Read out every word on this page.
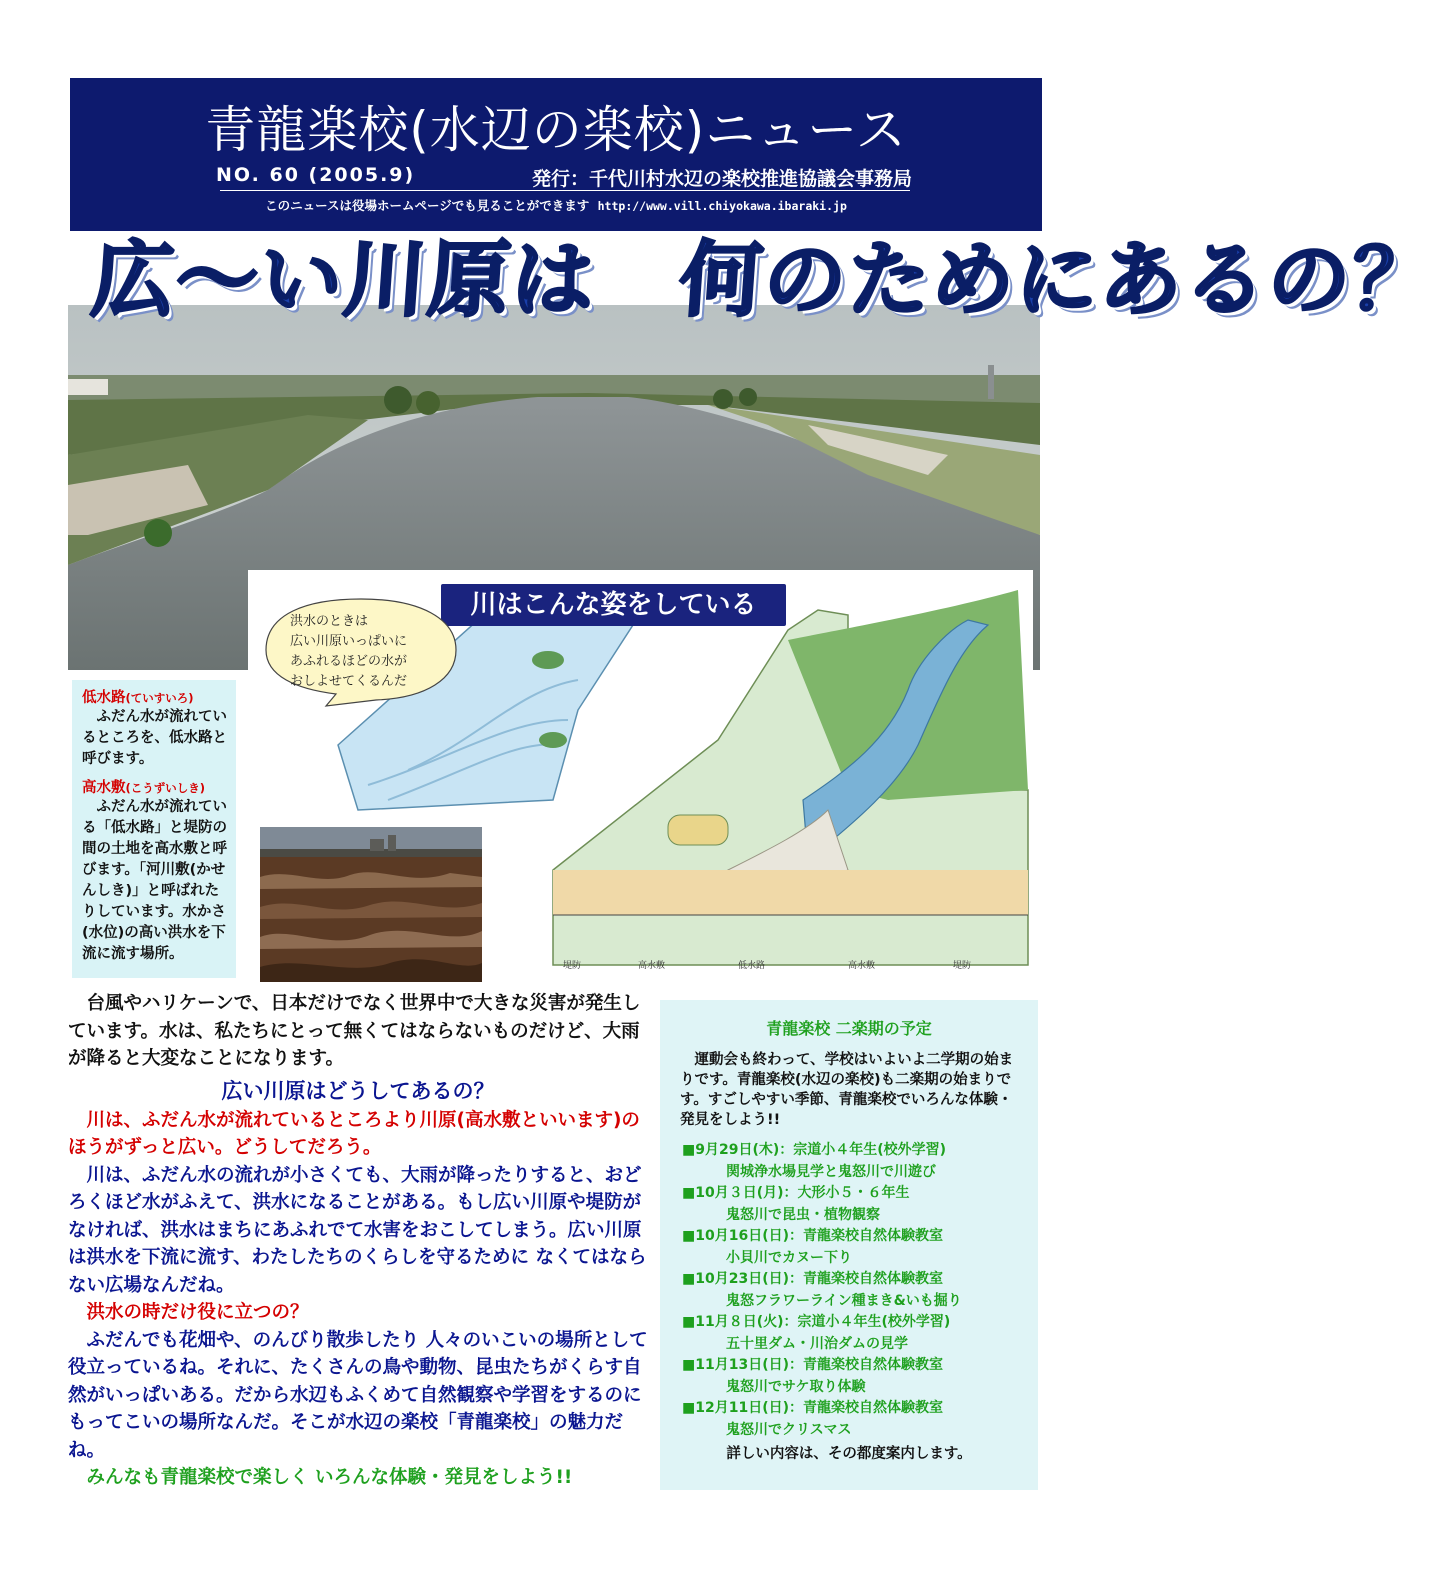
青龍楽校(水辺の楽校)ニュース
NO. 60 (2005.9)	発行：千代川村水辺の楽校推進協議会事務局
このニュースは役場ホームページでも見ることができます http://www.vill.chiyokawa.ibaraki.jp
広〜い川原は　何のためにあるの？
川はこんな姿をしている
洪水のときは
広い川原いっぱいに
あふれるほどの水が
おしよせてくるんだ
堤防	高水敷	低水路	高水敷	堤防
低水路(ていすいろ)
　ふだん水が流れているところを、低水路と呼びます。
高水敷(こうずいしき)
　ふだん水が流れている「低水路」と堤防の間の土地を高水敷と呼びます。「河川敷(かせんしき)」と呼ばれたりしています。水かさ(水位)の高い洪水を下流に流す場所。
　台風やハリケーンで、日本だけでなく世界中で大きな災害が発生しています。水は、私たちにとって無くてはならないものだけど、大雨が降ると大変なことになります。
広い川原はどうしてあるの？
　川は、ふだん水が流れているところより川原(高水敷といいます)のほうがずっと広い。どうしてだろう。
　川は、ふだん水の流れが小さくても、大雨が降ったりすると、おどろくほど水がふえて、洪水になることがある。もし広い川原や堤防がなければ、洪水はまちにあふれでて水害をおこしてしまう。広い川原は洪水を下流に流す、わたしたちのくらしを守るために なくてはならない広場なんだね。
　洪水の時だけ役に立つの？
　ふだんでも花畑や、のんびり散歩したり 人々のいこいの場所として役立っているね。それに、たくさんの鳥や動物、昆虫たちがくらす自然がいっぱいある。だから水辺もふくめて自然観察や学習をするのに もってこいの場所なんだ。そこが水辺の楽校「青龍楽校」の魅力だね。
　みんなも青龍楽校で楽しく いろんな体験・発見をしよう!!
青龍楽校 二楽期の予定
　運動会も終わって、学校はいよいよ二学期の始まりです。青龍楽校(水辺の楽校)も二楽期の始まりです。すごしやすい季節、青龍楽校でいろんな体験・発見をしよう!!
■9月29日(木)：宗道小４年生(校外学習)
関城浄水場見学と鬼怒川で川遊び
■10月３日(月)：大形小５・６年生
鬼怒川で昆虫・植物観察
■10月16日(日)：青龍楽校自然体験教室
小貝川でカヌー下り
■10月23日(日)：青龍楽校自然体験教室
鬼怒フラワーライン種まき&いも掘り
■11月８日(火)：宗道小４年生(校外学習)
五十里ダム・川治ダムの見学
■11月13日(日)：青龍楽校自然体験教室
鬼怒川でサケ取り体験
■12月11日(日)：青龍楽校自然体験教室
鬼怒川でクリスマス
詳しい内容は、その都度案内します。
